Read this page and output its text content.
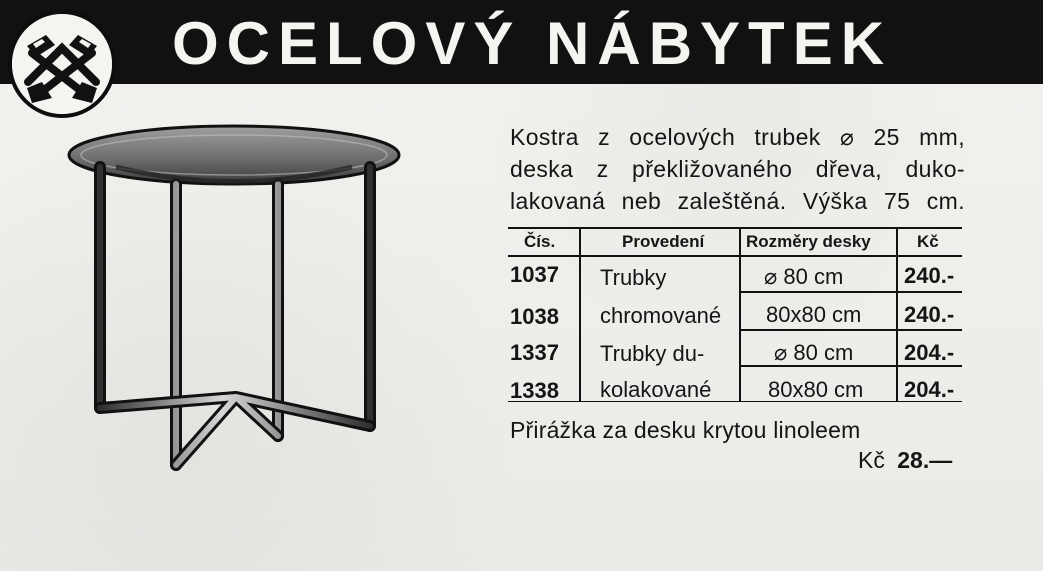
OCELOVÝ NÁBYTEK
Kostra z ocelových trubek ⌀ 25 mm,
deska z překližovaného dřeva, duko-
lakovaná neb zaleštěná. Výška 75 cm.
Čís.	Provedení Rozměry desky	Kč
1037 Trubky	⌀ 80 cm	240.-
1038 chromované 80x80 cm 240.-
1337 Trubky du-	⌀ 80 cm 204.-
1338 kolakované	80x80 cm 204.-
Přirážka za desku krytou linoleem
Kč 28.—
